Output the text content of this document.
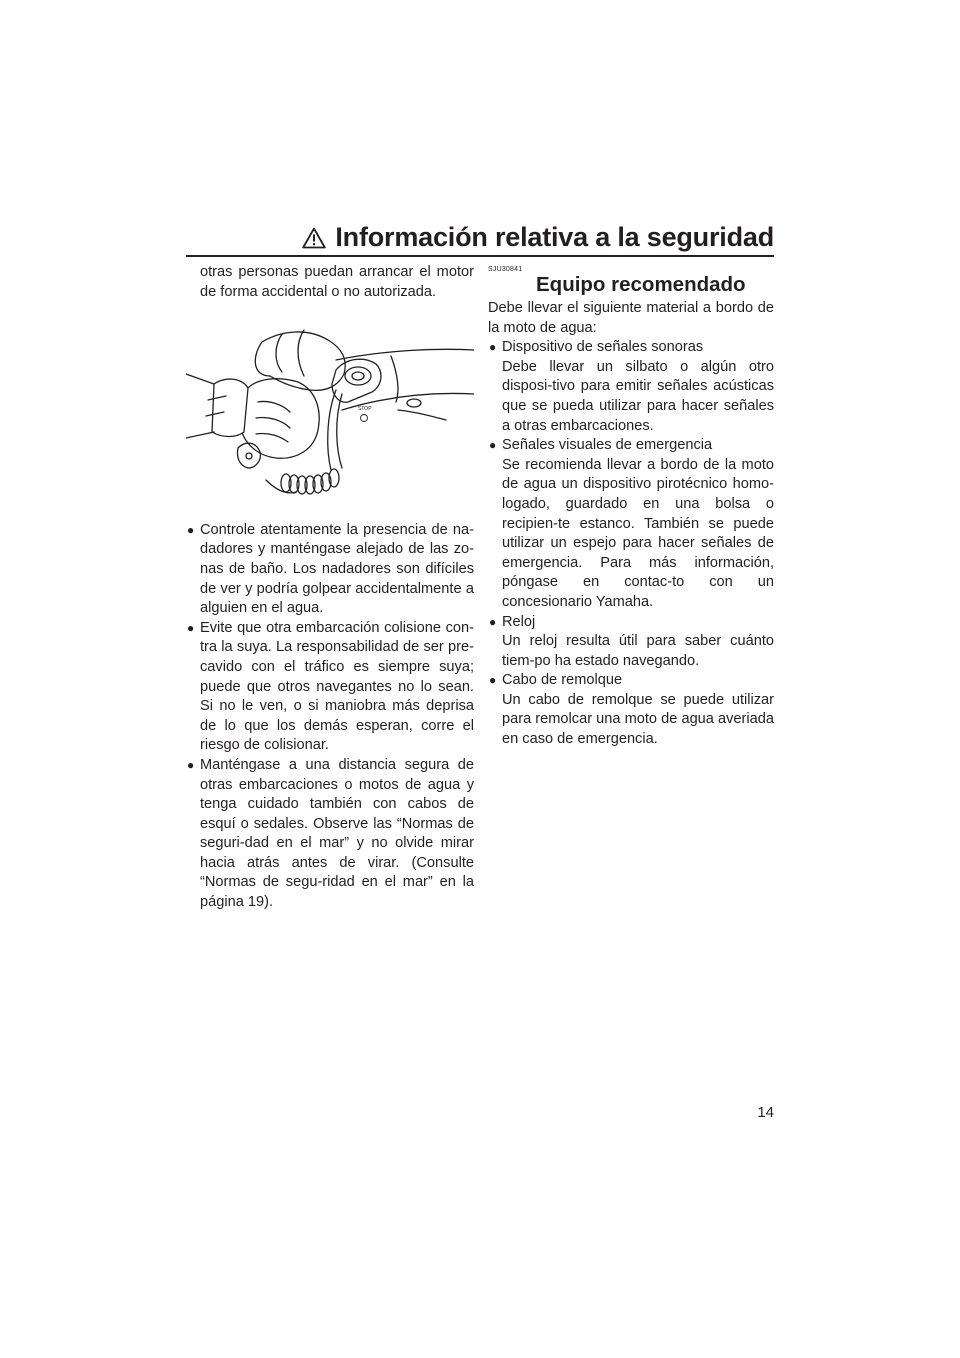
Información relativa a la seguridad

otras personas puedan arrancar el motor de forma accidental o no autorizada.

STOP
● Controle atentamente la presencia de na-dadores y manténgase alejado de las zo-nas de baño. Los nadadores son difíciles de ver y podría golpear accidentalmente a alguien en el agua.
● Evite que otra embarcación colisione con-tra la suya. La responsabilidad de ser pre-cavido con el tráfico es siempre suya; puede que otros navegantes no lo sean. Si no le ven, o si maniobra más deprisa de lo que los demás esperan, corre el riesgo de colisionar.
● Manténgase a una distancia segura de otras embarcaciones o motos de agua y tenga cuidado también con cabos de esquí o sedales. Observe las “Normas de seguri-dad en el mar” y no olvide mirar hacia atrás antes de virar. (Consulte “Normas de segu-ridad en el mar” en la página 19).
SJU30841
Equipo recomendado

Debe llevar el siguiente material a bordo de la moto de agua:

● Dispositivo de señales sonoras
Debe llevar un silbato o algún otro disposi-tivo para emitir señales acústicas que se pueda utilizar para hacer señales a otras embarcaciones.
● Señales visuales de emergencia
Se recomienda llevar a bordo de la moto de agua un dispositivo pirotécnico homo-logado, guardado en una bolsa o recipien-te estanco. También se puede utilizar un espejo para hacer señales de emergencia. Para más información, póngase en contac-to con un concesionario Yamaha.
● Reloj
Un reloj resulta útil para saber cuánto tiem-po ha estado navegando.
● Cabo de remolque
Un cabo de remolque se puede utilizar para remolcar una moto de agua averiada en caso de emergencia.
14
